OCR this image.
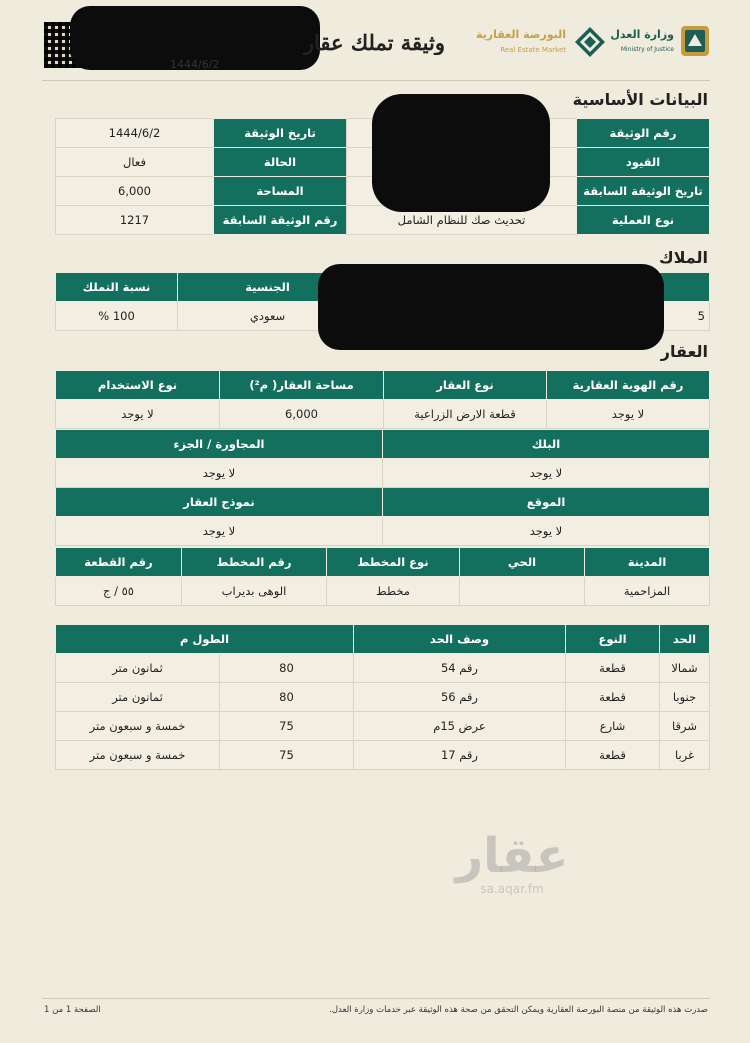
1444/6/2
وثيقة تملك عقار	البورصة العقارية
Real Estate Market
وزارة العدل
Ministry of Justice
البيانات الأساسية
رقم الوثيقة		تاريخ الوثيقة	1444/6/2
القيود		الحالة	فعال
تاريخ الوثيقة السابقة		المساحة	6,000
نوع العملية	تحديث صك للنظام الشامل	رقم الوثيقة السابقة	1217
الملاك
	الجنسية	نسبة التملك
5	سعودي	100 %
العقار
رقم الهوية العقارية	نوع العقار	مساحة العقار( م²)	نوع الاستخدام
لا يوجد	قطعة الارض الزراعية	6,000	لا يوجد
البلك	المجاورة / الجزء
لا يوجد	لا يوجد
الموقع	نموذج العقار
لا يوجد	لا يوجد
المدينة	الحي	نوع المخطط	رقم المخطط	رقم القطعة
المزاحمية		مخطط	الوهى بديراب	٥٥ / ج
الحد	النوع	وصف الحد	الطول م	
شمالا	قطعة	رقم 54	80	ثمانون متر
جنوبا	قطعة	رقم 56	80	ثمانون متر
شرقا	شارع	عرض 15م	75	خمسة و سبعون متر
غربا	قطعة	رقم 17	75	خمسة و سبعون متر
عقار
sa.aqar.fm
صدرت هذه الوثيقة من منصة البورصة العقارية ويمكن التحقق من صحة هذه الوثيقة عبر خدمات وزارة العدل.
الصفحة 1 من 1
